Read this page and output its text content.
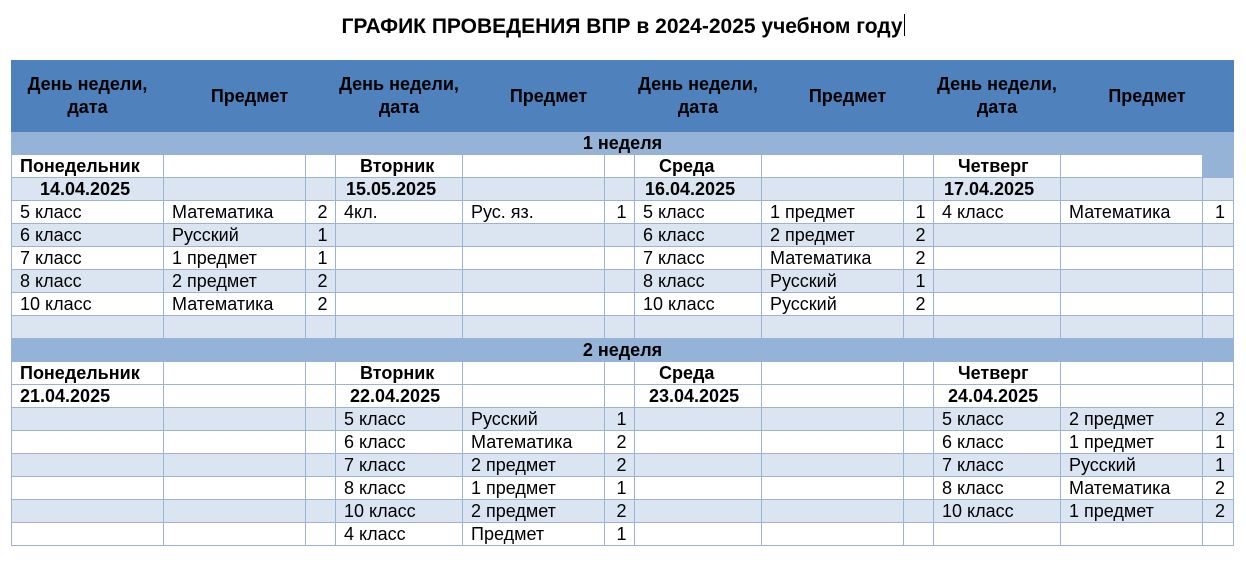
ГРАФИК ПРОВЕДЕНИЯ ВПР в 2024-2025 учебном году
День недели, дата	Предмет		День недели, дата	Предмет		День недели, дата	Предмет		День недели, дата	Предмет	
1 неделя											
Понедельник			Вторник			Среда			Четверг		
14.04.2025			15.05.2025			16.04.2025			17.04.2025		
5 класс	Математика	2	4кл.	Рус. яз.	1	5 класс	1 предмет	1	4 класс	Математика	1
6 класс	Русский	1				6 класс	2 предмет	2			
7 класс	1 предмет	1				7 класс	Математика	2			
8 класс	2 предмет	2				8 класс	Русский	1			
10 класс	Математика	2				10 класс	Русский	2			

2 неделя											
Понедельник			Вторник			Среда			Четверг		
21.04.2025			22.04.2025			23.04.2025			24.04.2025		
			5 класс	Русский	1				5 класс	2 предмет	2
			6 класс	Математика	2				6 класс	1 предмет	1
			7 класс	2 предмет	2				7 класс	Русский	1
			8 класс	1 предмет	1				8 класс	Математика	2
			10 класс	2 предмет	2				10 класс	1 предмет	2
			4 класс	Предмет	1						
